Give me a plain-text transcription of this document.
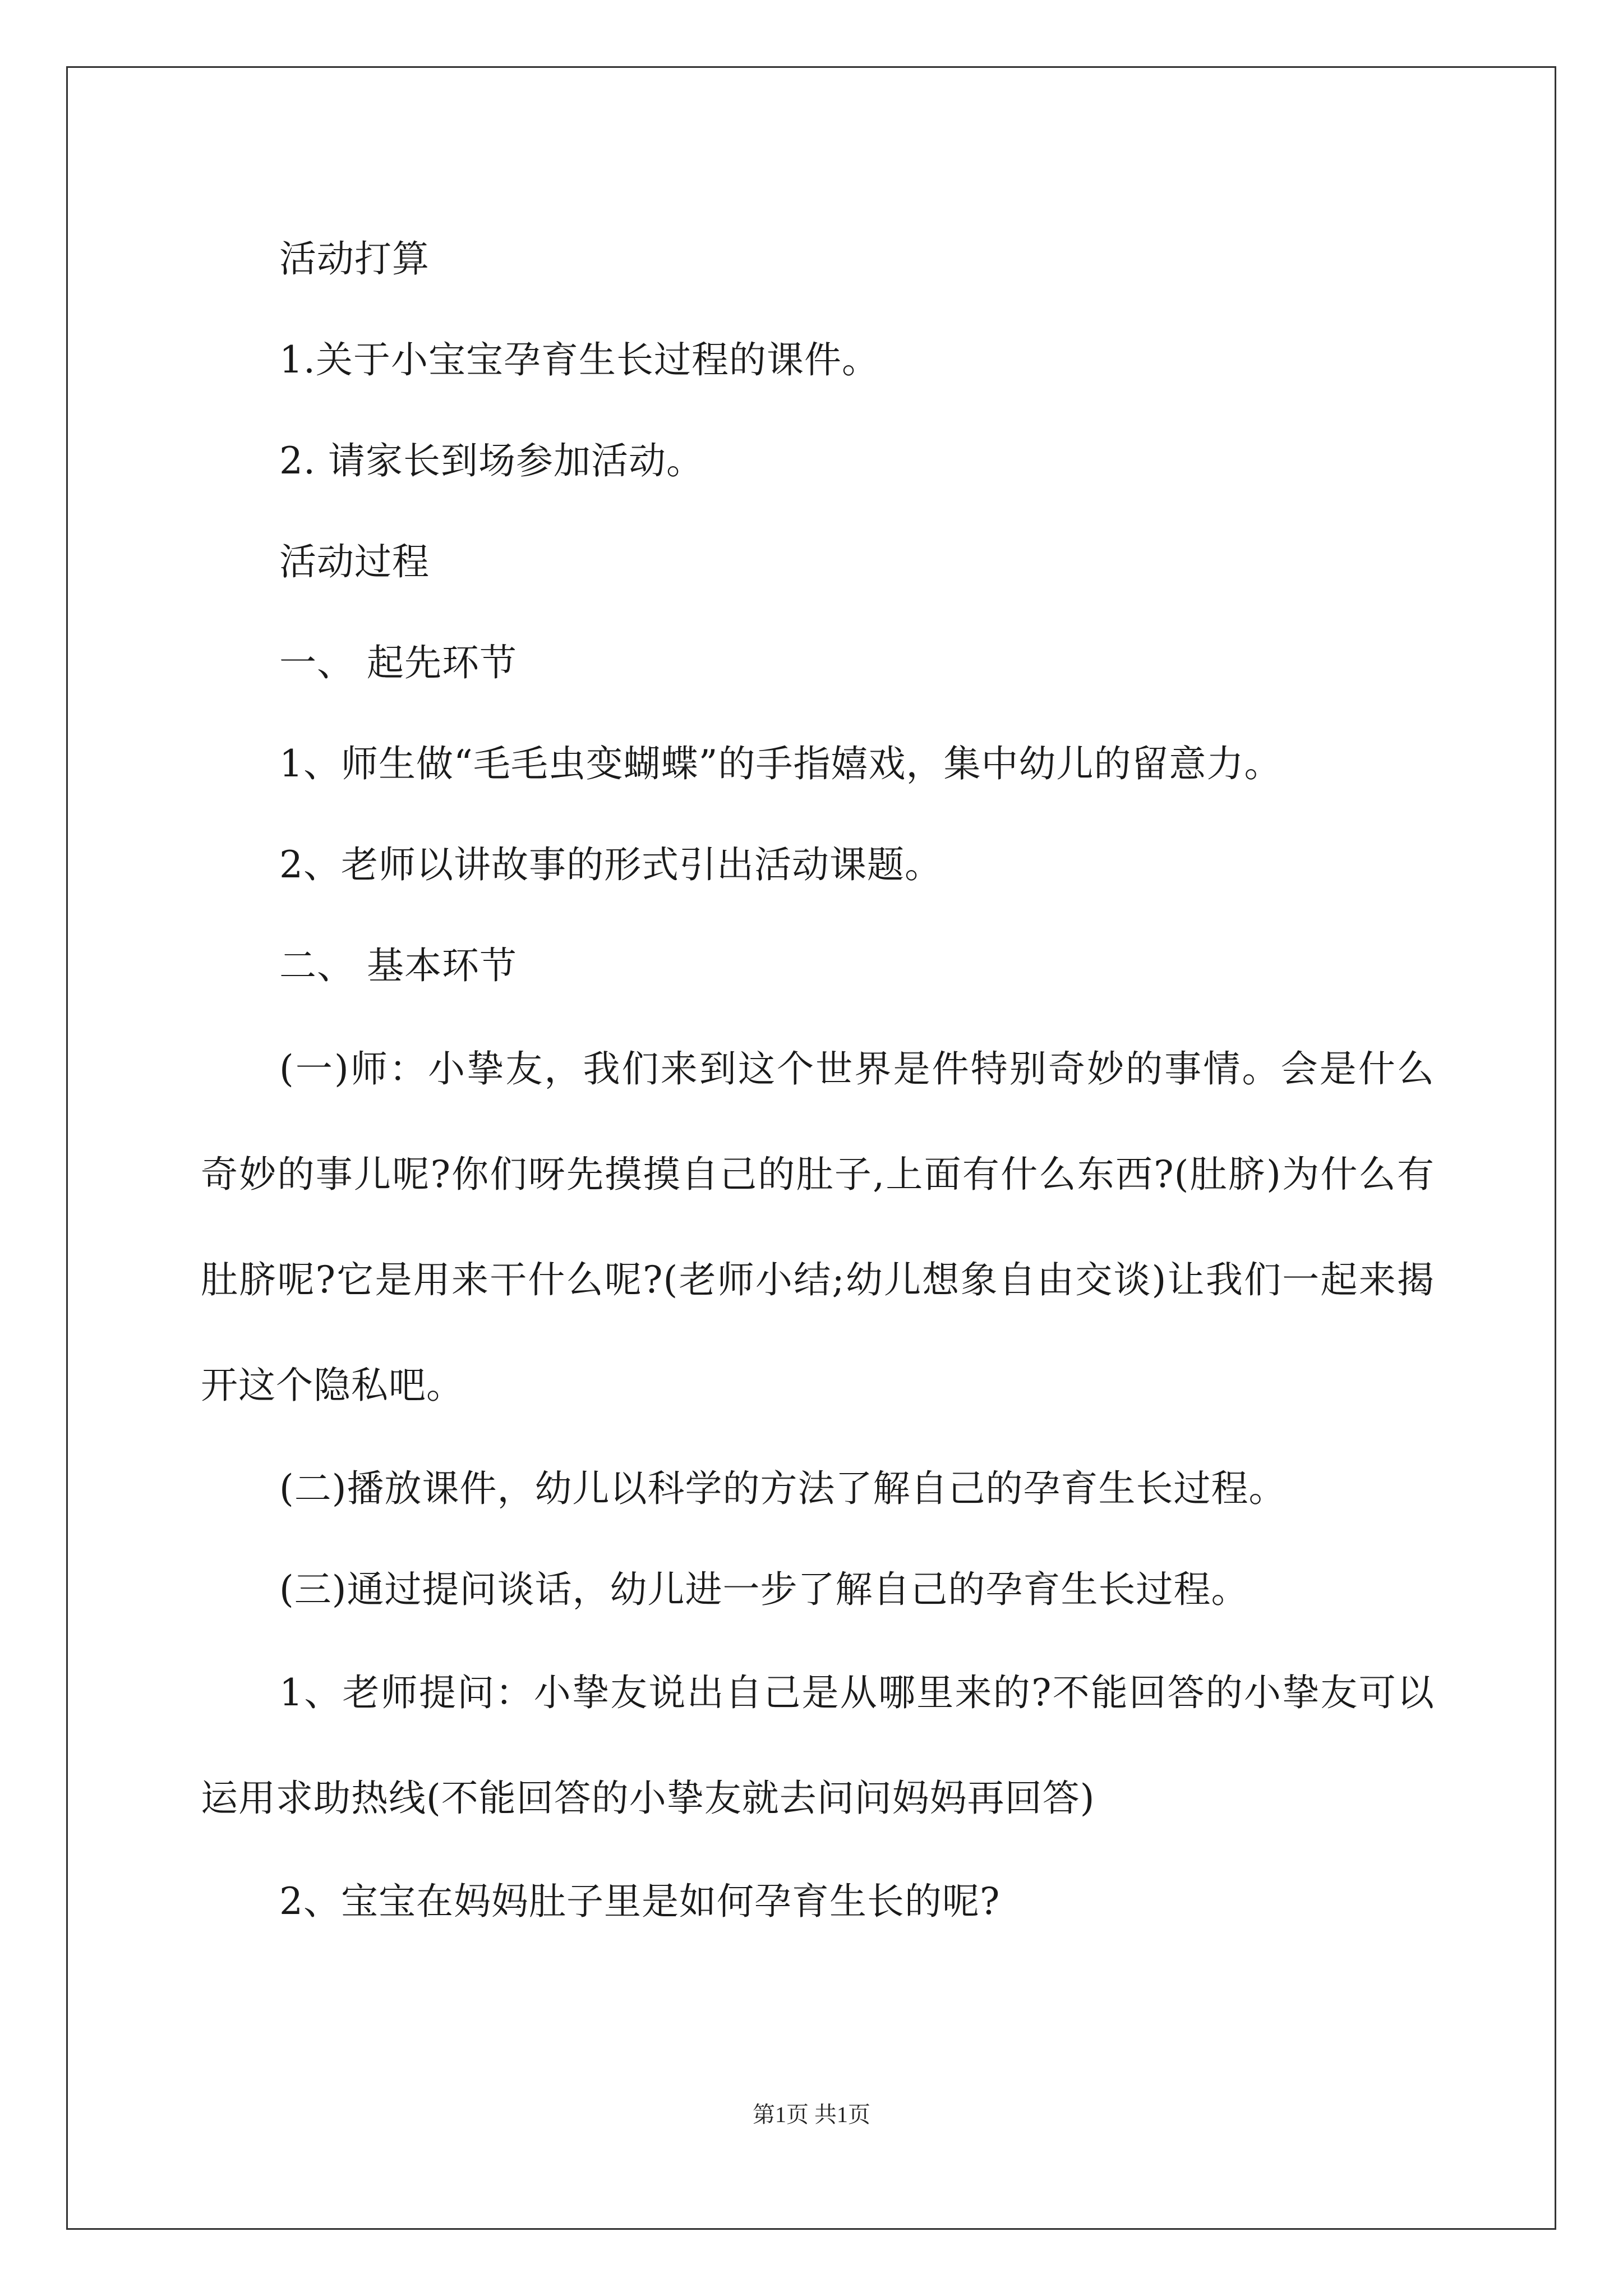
活动打算

1.关于小宝宝孕育生长过程的课件。

2. 请家长到场参加活动。

活动过程

一、 起先环节

1、师生做“毛毛虫变蝴蝶”的手指嬉戏，集中幼儿的留意力。

2、老师以讲故事的形式引出活动课题。

二、 基本环节

(一)师：小挚友，我们来到这个世界是件特别奇妙的事情。会是什么奇妙的事儿呢?你们呀先摸摸自己的肚子,上面有什么东西?(肚脐)为什么有肚脐呢?它是用来干什么呢?(老师小结;幼儿想象自由交谈)让我们一起来揭开这个隐私吧。

(二)播放课件，幼儿以科学的方法了解自己的孕育生长过程。

(三)通过提问谈话，幼儿进一步了解自己的孕育生长过程。

1、老师提问：小挚友说出自己是从哪里来的?不能回答的小挚友可以运用求助热线(不能回答的小挚友就去问问妈妈再回答)

2、宝宝在妈妈肚子里是如何孕育生长的呢?

第1页 共1页
